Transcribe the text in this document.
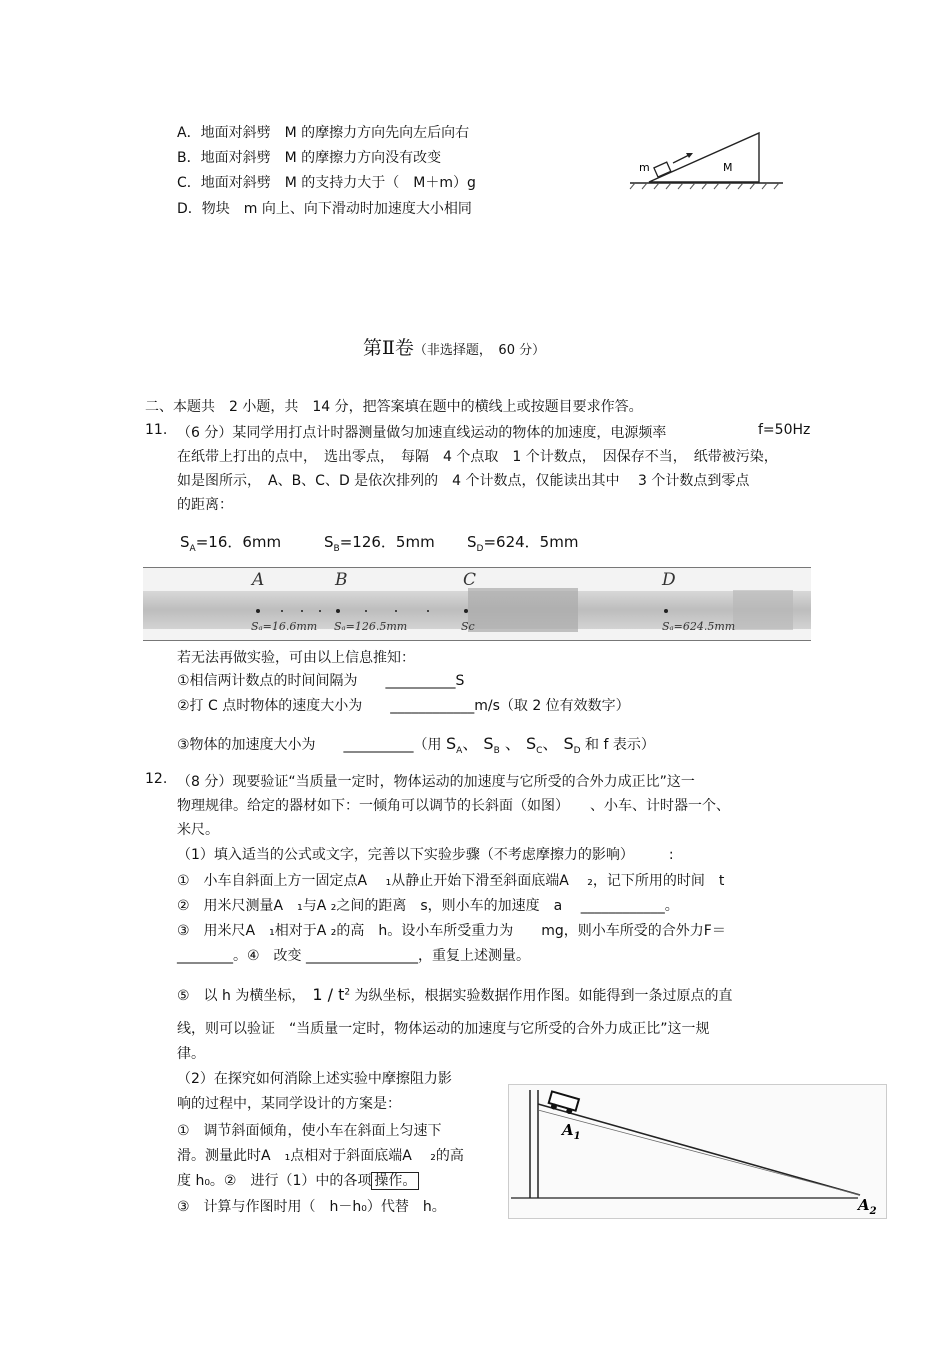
A．地面对斜劈　M 的摩擦力方向先向左后向右
B．地面对斜劈　M 的摩擦力方向没有改变
C．地面对斜劈　M 的支持力大于（　M＋m）g
D．物块　m 向上、向下滑动时加速度大小相同
m	M
第Ⅱ卷（非选择题，　60 分）
二、本题共　2 小题，共　14 分，把答案填在题中的横线上或按题目要求作答。
11. （6 分）某同学用打点计时器测量做匀加速直线运动的物体的加速度，电源频率	f=50Hz
在纸带上打出的点中，　选出零点，　每隔　4 个点取　1 个计数点，　因保存不当，　纸带被污染，
如是图所示，　A、B、C、D 是依次排列的　4 个计数点，仅能读出其中　 3 个计数点到零点
的距离：
$S_A=16$．6mm	$S_B=126$．5mm $S_D=624$．5mm
A	B	C	D
Sₐ=16.6mm Sₐ=126.5mm	Sc	Sₐ=624.5mm
若无法再做实验，可由以上信息推知：
①相信两计数点的时间间隔为　　__________S
②打 C 点时物体的速度大小为　　____________m/s（取 2 位有效数字）
③物体的加速度大小为　　__________（用 $S_A$、 $S_B$ 、 $S_C$、 $S_D$ 和 f 表示）
12. （8 分）现要验证“当质量一定时，物体运动的加速度与它所受的合外力成正比”这一
物理规律。给定的器材如下：一倾角可以调节的长斜面（如图）　　、小车、计时器一个、
米尺。
（1）填入适当的公式或文字，完善以下实验步骤（不考虑摩擦力的影响）　　　:
①　小车自斜面上方一固定点A　 ₁从静止开始下滑至斜面底端A　 ₂，记下所用的时间　t
②　用米尺测量A　₁与A ₂之间的距离　s，则小车的加速度　a　 ____________。
③　用米尺A　₁相对于A ₂的高　h。设小车所受重力为　　mg，则小车所受的合外力F＝
________。④　改变 ________________，重复上述测量。
⑤　以 h 为横坐标，　$1 / t^2$ 为纵坐标，根据实验数据作用作图。如能得到一条过原点的直
线，则可以验证　“当质量一定时，物体运动的加速度与它所受的合外力成正比”这一规
律。
（2）在探究如何消除上述实验中摩擦阻力影
响的过程中，某同学设计的方案是：
①　调节斜面倾角，使小车在斜面上匀速下
滑。测量此时A　₁点相对于斜面底端A　 ₂的高
度 h₀。②　进行（1）中的各项 操作。
③　计算与作图时用（　h－h₀）代替　h。
$A_1$
$A_2$
